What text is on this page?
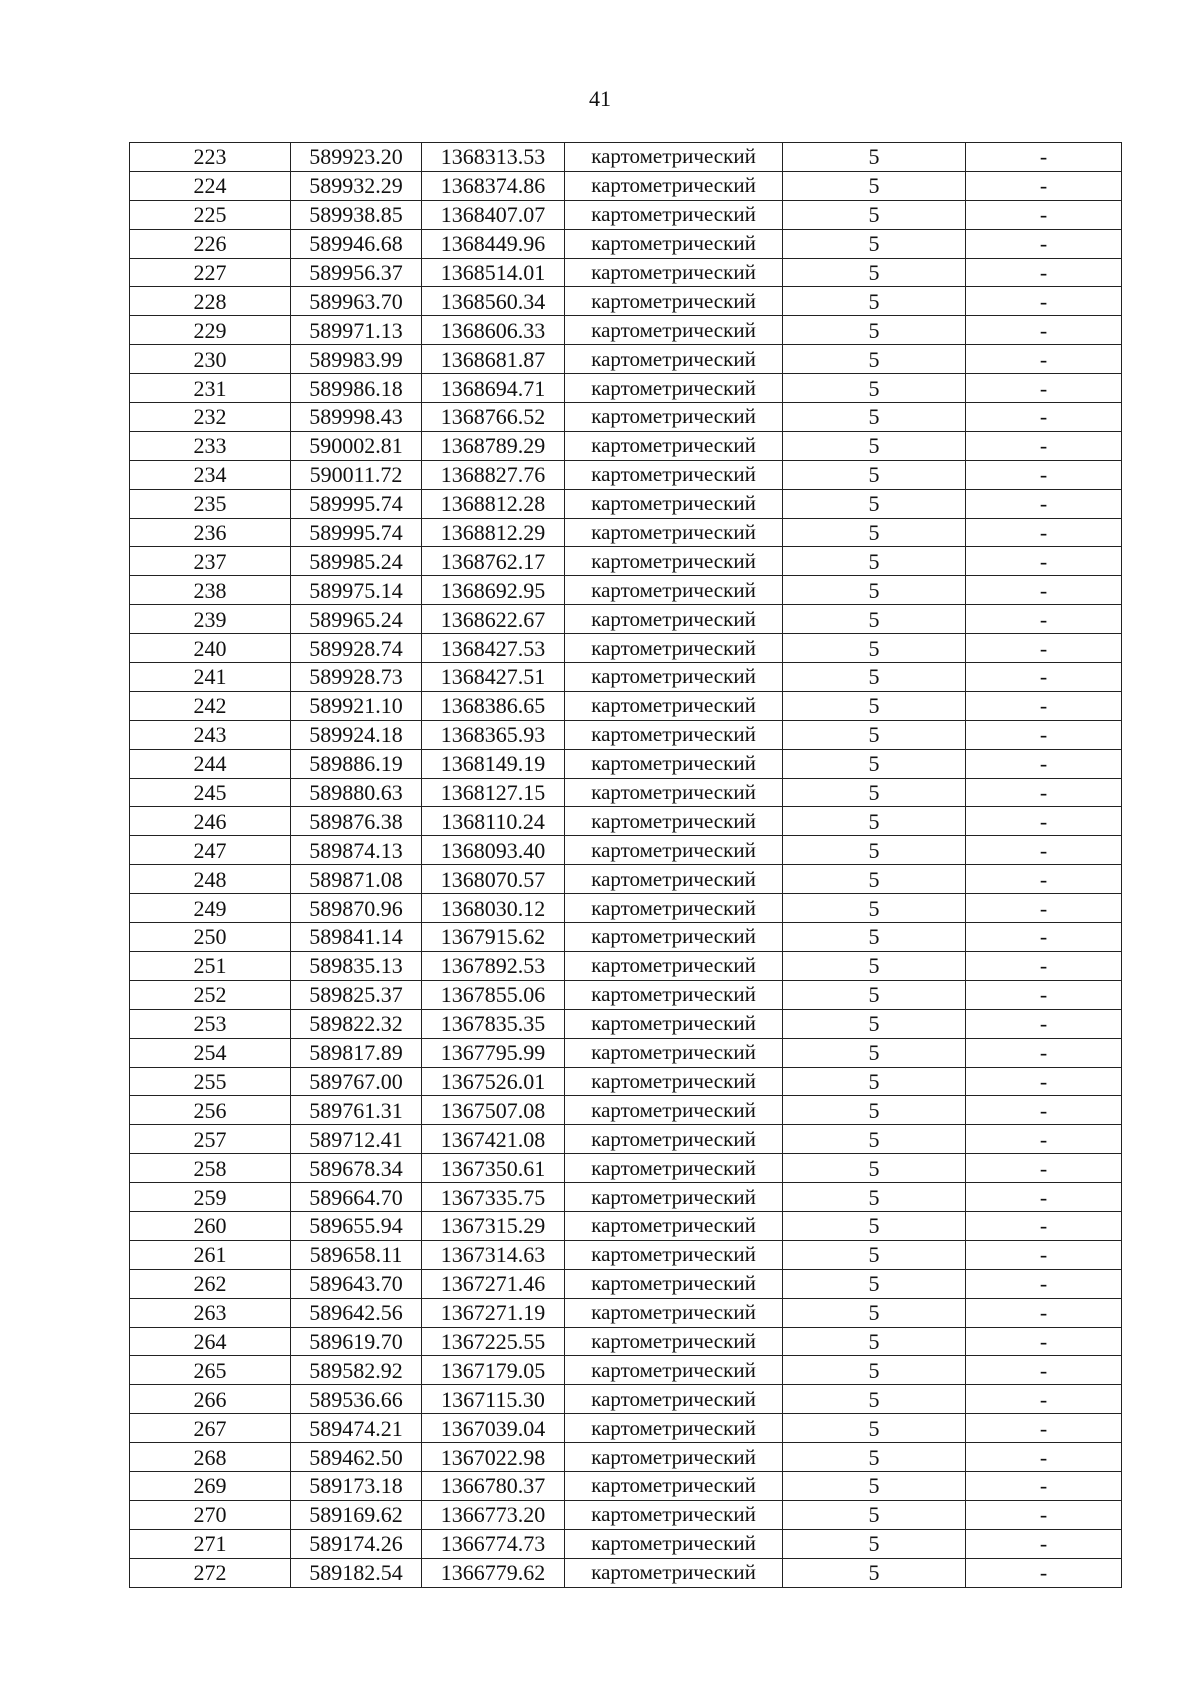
41
223	589923.20	1368313.53	картометрический	5	-
224	589932.29	1368374.86	картометрический	5	-
225	589938.85	1368407.07	картометрический	5	-
226	589946.68	1368449.96	картометрический	5	-
227	589956.37	1368514.01	картометрический	5	-
228	589963.70	1368560.34	картометрический	5	-
229	589971.13	1368606.33	картометрический	5	-
230	589983.99	1368681.87	картометрический	5	-
231	589986.18	1368694.71	картометрический	5	-
232	589998.43	1368766.52	картометрический	5	-
233	590002.81	1368789.29	картометрический	5	-
234	590011.72	1368827.76	картометрический	5	-
235	589995.74	1368812.28	картометрический	5	-
236	589995.74	1368812.29	картометрический	5	-
237	589985.24	1368762.17	картометрический	5	-
238	589975.14	1368692.95	картометрический	5	-
239	589965.24	1368622.67	картометрический	5	-
240	589928.74	1368427.53	картометрический	5	-
241	589928.73	1368427.51	картометрический	5	-
242	589921.10	1368386.65	картометрический	5	-
243	589924.18	1368365.93	картометрический	5	-
244	589886.19	1368149.19	картометрический	5	-
245	589880.63	1368127.15	картометрический	5	-
246	589876.38	1368110.24	картометрический	5	-
247	589874.13	1368093.40	картометрический	5	-
248	589871.08	1368070.57	картометрический	5	-
249	589870.96	1368030.12	картометрический	5	-
250	589841.14	1367915.62	картометрический	5	-
251	589835.13	1367892.53	картометрический	5	-
252	589825.37	1367855.06	картометрический	5	-
253	589822.32	1367835.35	картометрический	5	-
254	589817.89	1367795.99	картометрический	5	-
255	589767.00	1367526.01	картометрический	5	-
256	589761.31	1367507.08	картометрический	5	-
257	589712.41	1367421.08	картометрический	5	-
258	589678.34	1367350.61	картометрический	5	-
259	589664.70	1367335.75	картометрический	5	-
260	589655.94	1367315.29	картометрический	5	-
261	589658.11	1367314.63	картометрический	5	-
262	589643.70	1367271.46	картометрический	5	-
263	589642.56	1367271.19	картометрический	5	-
264	589619.70	1367225.55	картометрический	5	-
265	589582.92	1367179.05	картометрический	5	-
266	589536.66	1367115.30	картометрический	5	-
267	589474.21	1367039.04	картометрический	5	-
268	589462.50	1367022.98	картометрический	5	-
269	589173.18	1366780.37	картометрический	5	-
270	589169.62	1366773.20	картометрический	5	-
271	589174.26	1366774.73	картометрический	5	-
272	589182.54	1366779.62	картометрический	5	-
